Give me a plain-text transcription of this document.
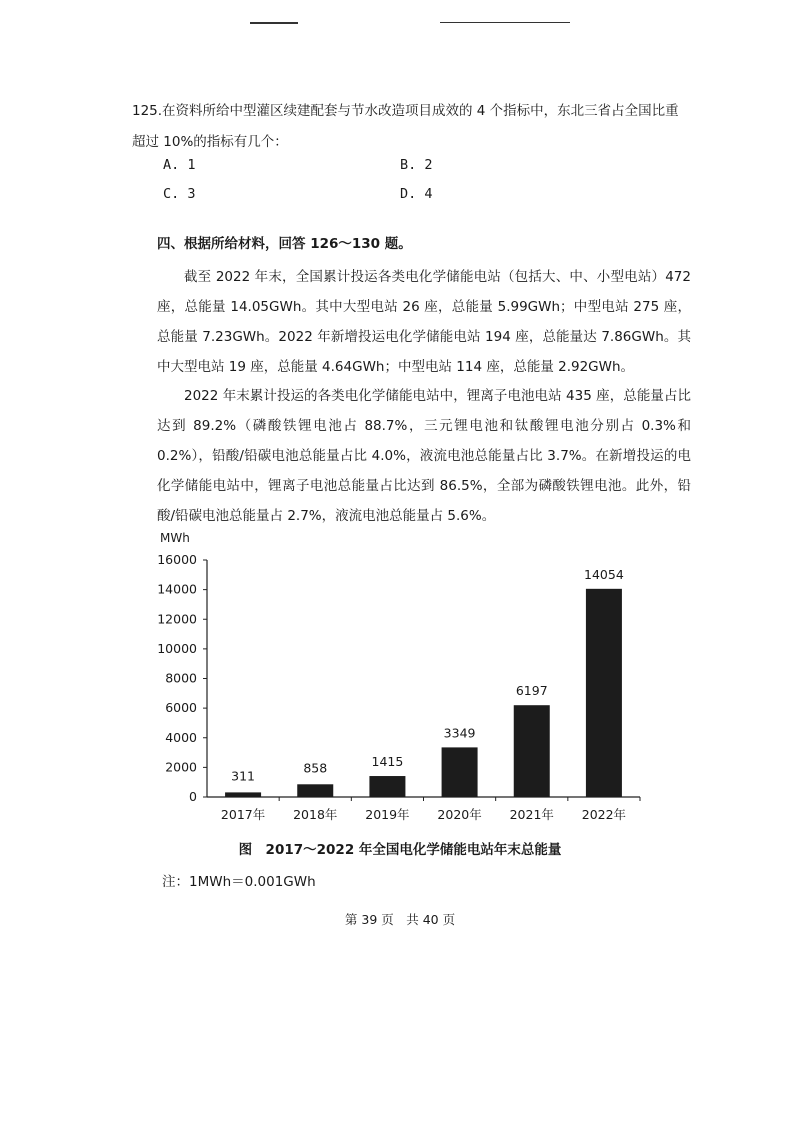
125. 在资料所给中型灌区续建配套与节水改造项目成效的 4 个指标中，东北三省占全国比重超过 10%的指标有几个：
A. 1	B. 2
C. 3	D. 4
四、根据所给材料，回答 126～130 题。
截至 2022 年末，全国累计投运各类电化学储能电站（包括大、中、小型电站）472 座，总能量 14.05GWh。其中大型电站 26 座，总能量 5.99GWh；中型电站 275 座，总能量 7.23GWh。2022 年新增投运电化学储能电站 194 座，总能量达 7.86GWh。其中大型电站 19 座，总能量 4.64GWh；中型电站 114 座，总能量 2.92GWh。
2022 年末累计投运的各类电化学储能电站中，锂离子电池电站 435 座，总能量占比达到 89.2%（磷酸铁锂电池占 88.7%，三元锂电池和钛酸锂电池分别占 0.3%和 0.2%），铅酸/铅碳电池总能量占比 4.0%，液流电池总能量占比 3.7%。在新增投运的电化学储能电站中，锂离子电池总能量占比达到 86.5%，全部为磷酸铁锂电池。此外，铅酸/铅碳电池总能量占 2.7%，液流电池总能量占 5.6%。
MWh
0
2000
4000
6000
8000
10000
12000
14000
16000
2017年
311
2018年
858
2019年
1415
2020年
3349
2021年
6197
2022年
14054
图　2017～2022 年全国电化学储能电站年末总能量
注：1MWh＝0.001GWh
第 39 页　共 40 页
